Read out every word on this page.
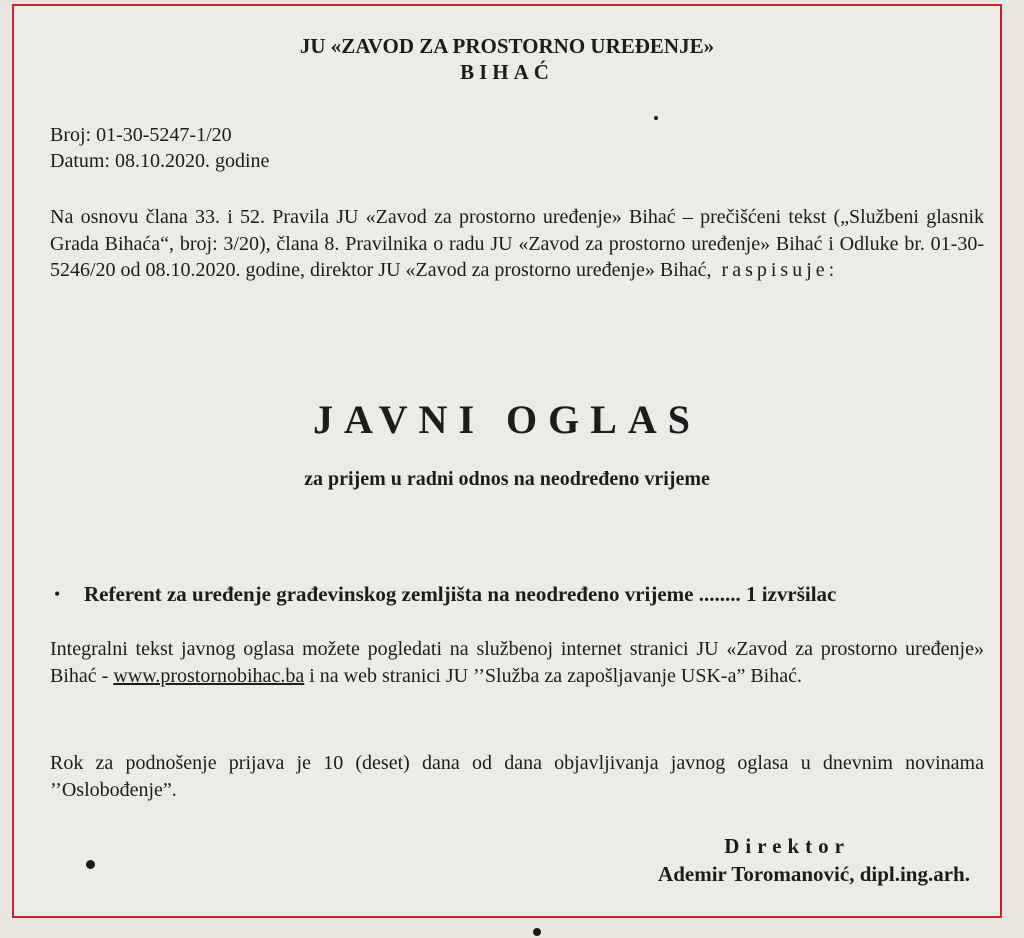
JU «ZAVOD ZA PROSTORNO UREĐENJE»

BIHAĆ

Broj: 01-30-5247-1/20

Datum: 08.10.2020. godine

Na osnovu člana 33. i 52. Pravila JU «Zavod za prostorno uređenje» Bihać – prečišćeni tekst („Službeni glasnik Grada Bihaća“, broj: 3/20), člana 8. Pravilnika o radu JU «Zavod za prostorno uređenje» Bihać i Odluke br. 01-30-5246/20 od 08.10.2020. godine, direktor JU «Zavod za prostorno uređenje» Bihać, raspisuje:

JAVNI OGLAS

za prijem u radni odnos na neodređeno vrijeme

• Referent za uređenje građevinskog zemljišta na neodređeno vrijeme ........ 1 izvršilac

Integralni tekst javnog oglasa možete pogledati na službenoj internet stranici JU «Zavod za prostorno uređenje» Bihać - www.prostornobihac.ba i na web stranici JU ’’Služba za zapošljavanje USK-a” Bihać.

Rok za podnošenje prijava je 10 (deset) dana od dana objavljivanja javnog oglasa u dnevnim novinama ’’Oslobođenje”.

Direktor

Ademir Toromanović, dipl.ing.arh.
